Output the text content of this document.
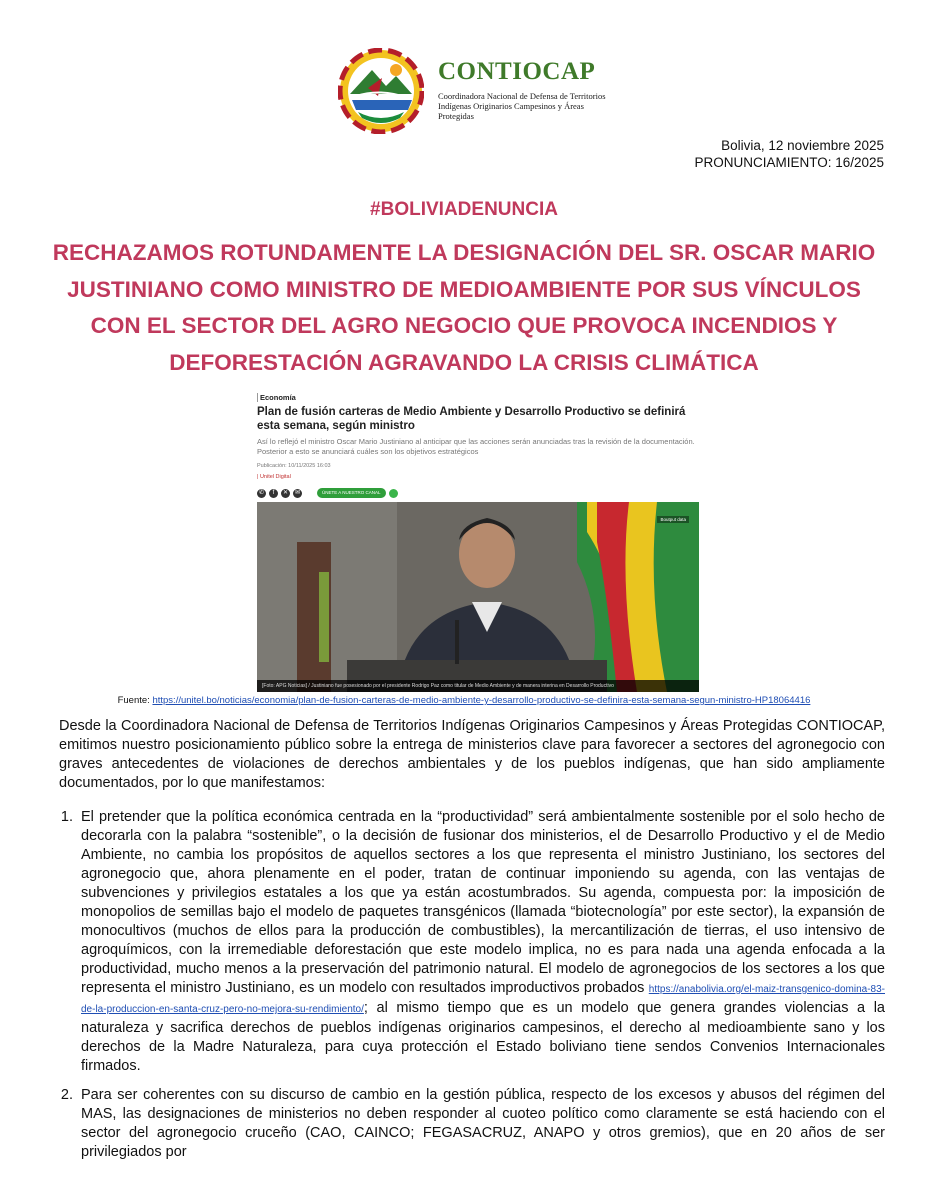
CONTIOCAP
Coordinadora Nacional de Defensa de Territorios
Indígenas Originarios Campesinos y Áreas Protegidas
Bolivia, 12 noviembre 2025
PRONUNCIAMIENTO: 16/2025
#BOLIVIADENUNCIA
RECHAZAMOS ROTUNDAMENTE LA DESIGNACIÓN DEL SR. OSCAR MARIO JUSTINIANO COMO MINISTRO DE MEDIOAMBIENTE POR SUS VÍNCULOS CON EL SECTOR DEL AGRO NEGOCIO QUE PROVOCA INCENDIOS Y DEFORESTACIÓN AGRAVANDO LA CRISIS CLIMÁTICA
Economía
Plan de fusión carteras de Medio Ambiente y Desarrollo Productivo se definirá esta semana, según ministro
Así lo reflejó el ministro Oscar Mario Justiniano al anticipar que las acciones serán anunciadas tras la revisión de la documentación. Posterior a esto se anunciará cuáles son los objetivos estratégicos
Publicación: 10/11/2025 16:03
| Unitel Digital
✆	f	✕	✉	ÚNETE A NUESTRO CANAL
Boutput data
[Foto: APG Noticias] / Justiniano fue posesionado por el presidente Rodrigo Paz como titular de Medio Ambiente y de manera interina en Desarrollo Productivo
Fuente: https://unitel.bo/noticias/economia/plan-de-fusion-carteras-de-medio-ambiente-y-desarrollo-productivo-se-definira-esta-semana-segun-ministro-HP18064416

Desde la Coordinadora Nacional de Defensa de Territorios Indígenas Originarios Campesinos y Áreas Protegidas CONTIOCAP, emitimos nuestro posicionamiento público sobre la entrega de ministerios clave para favorecer a sectores del agronegocio con graves antecedentes de violaciones de derechos ambientales y de los pueblos indígenas, que han sido ampliamente documentados, por lo que manifestamos:

1. El pretender que la política económica centrada en la “productividad” será ambientalmente sostenible por el solo hecho de decorarla con la palabra “sostenible”, o la decisión de fusionar dos ministerios, el de Desarrollo Productivo y el de Medio Ambiente, no cambia los propósitos de aquellos sectores a los que representa el ministro Justiniano, los sectores del agronegocio que, ahora plenamente en el poder, tratan de continuar imponiendo su agenda, con las ventajas de subvenciones y privilegios estatales a los que ya están acostumbrados. Su agenda, compuesta por: la imposición de monopolios de semillas bajo el modelo de paquetes transgénicos (llamada “biotecnología” por este sector), la expansión de monocultivos (muchos de ellos para la producción de combustibles), la mercantilización de tierras, el uso intensivo de agroquímicos, con la irremediable deforestación que este modelo implica, no es para nada una agenda enfocada a la productividad, mucho menos a la preservación del patrimonio natural. El modelo de agronegocios de los sectores a los que representa el ministro Justiniano, es un modelo con resultados improductivos probados https://anabolivia.org/el-maiz-transgenico-domina-83-de-la-produccion-en-santa-cruz-pero-no-mejora-su-rendimiento/; al mismo tiempo que es un modelo que genera grandes violencias a la naturaleza y sacrifica derechos de pueblos indígenas originarios campesinos, el derecho al medioambiente sano y los derechos de la Madre Naturaleza, para cuya protección el Estado boliviano tiene sendos Convenios Internacionales firmados.
2. Para ser coherentes con su discurso de cambio en la gestión pública, respecto de los excesos y abusos del régimen del MAS, las designaciones de ministerios no deben responder al cuoteo político como claramente se está haciendo con el sector del agronegocio cruceño (CAO, CAINCO; FEGASACRUZ, ANAPO y otros gremios), que en 20 años de ser privilegiados por
